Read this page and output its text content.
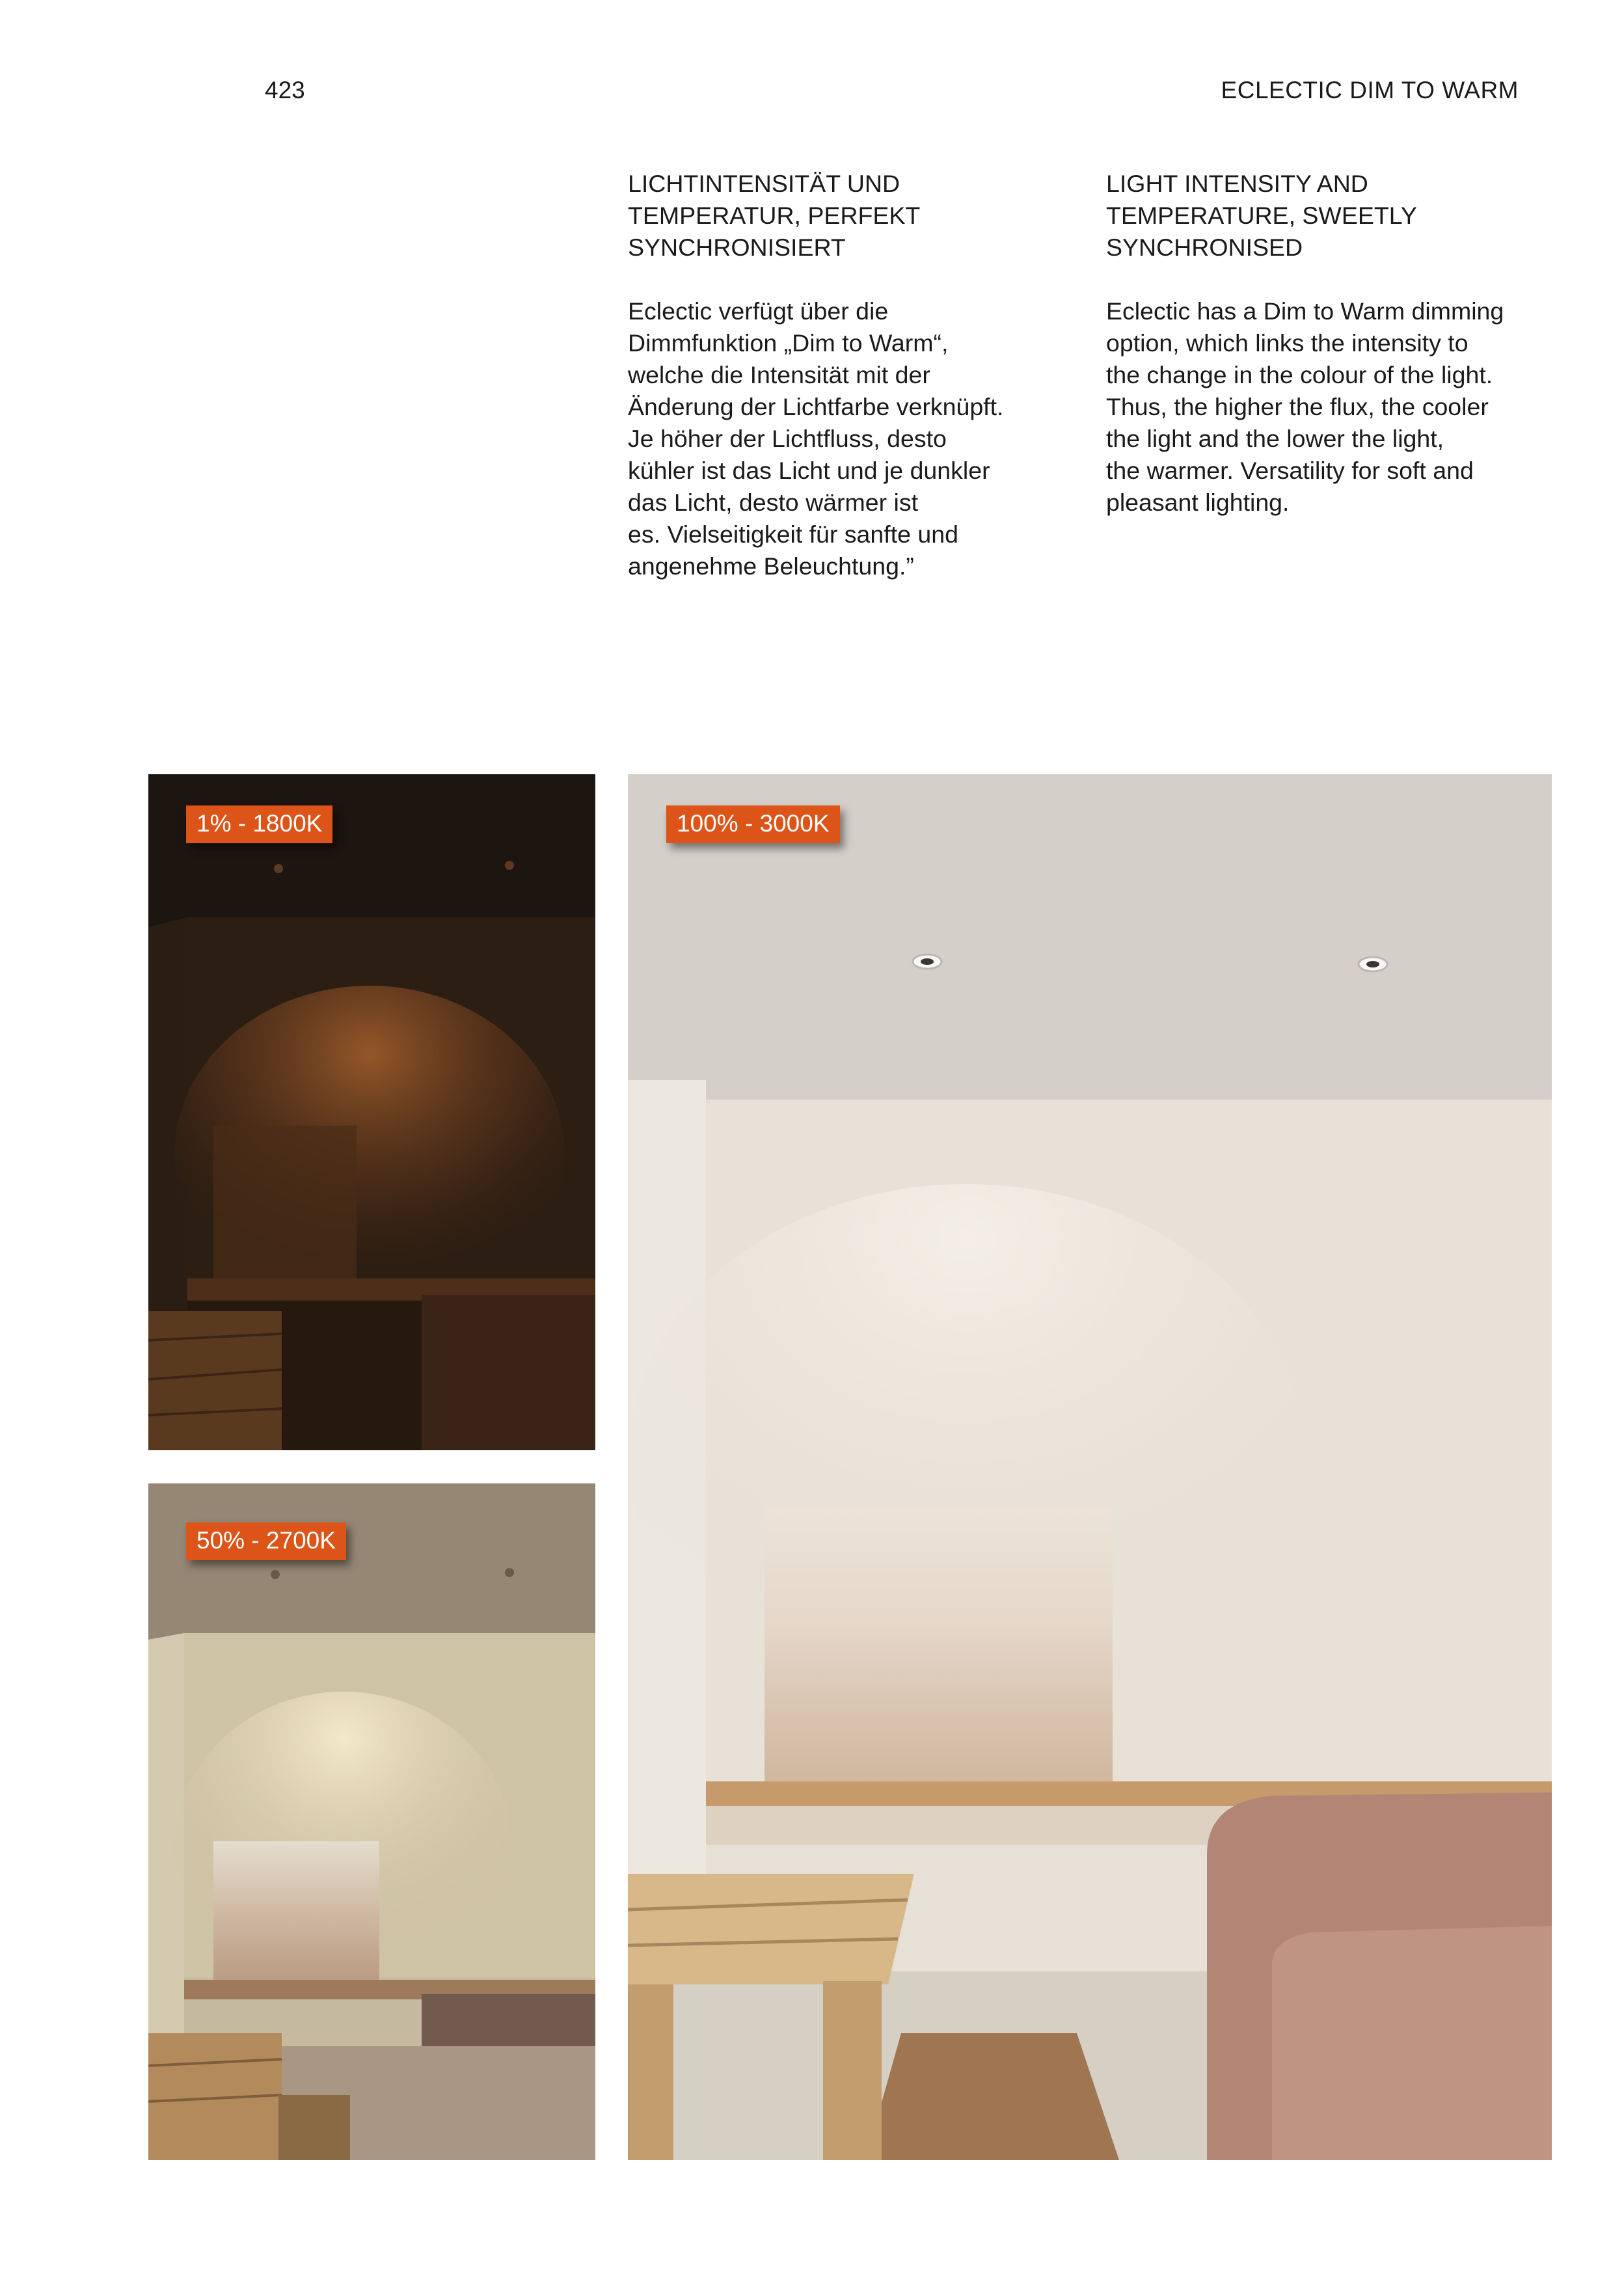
423	ECLECTIC DIM TO WARM

LICHTINTENSITÄT UND
TEMPERATUR, PERFEKT
SYNCHRONISIERT

Eclectic verfügt über die
Dimmfunktion „Dim to Warm“,
welche die Intensität mit der
Änderung der Lichtfarbe verknüpft.
Je höher der Lichtfluss, desto
kühler ist das Licht und je dunkler
das Licht, desto wärmer ist
es. Vielseitigkeit für sanfte und
angenehme Beleuchtung.”

LIGHT INTENSITY AND
TEMPERATURE, SWEETLY
SYNCHRONISED

Eclectic has a Dim to Warm dimming
option, which links the intensity to
the change in the colour of the light.
Thus, the higher the flux, the cooler
the light and the lower the light,
the warmer. Versatility for soft and
pleasant lighting.

1% - 1800K
50% - 2700K
100% - 3000K
